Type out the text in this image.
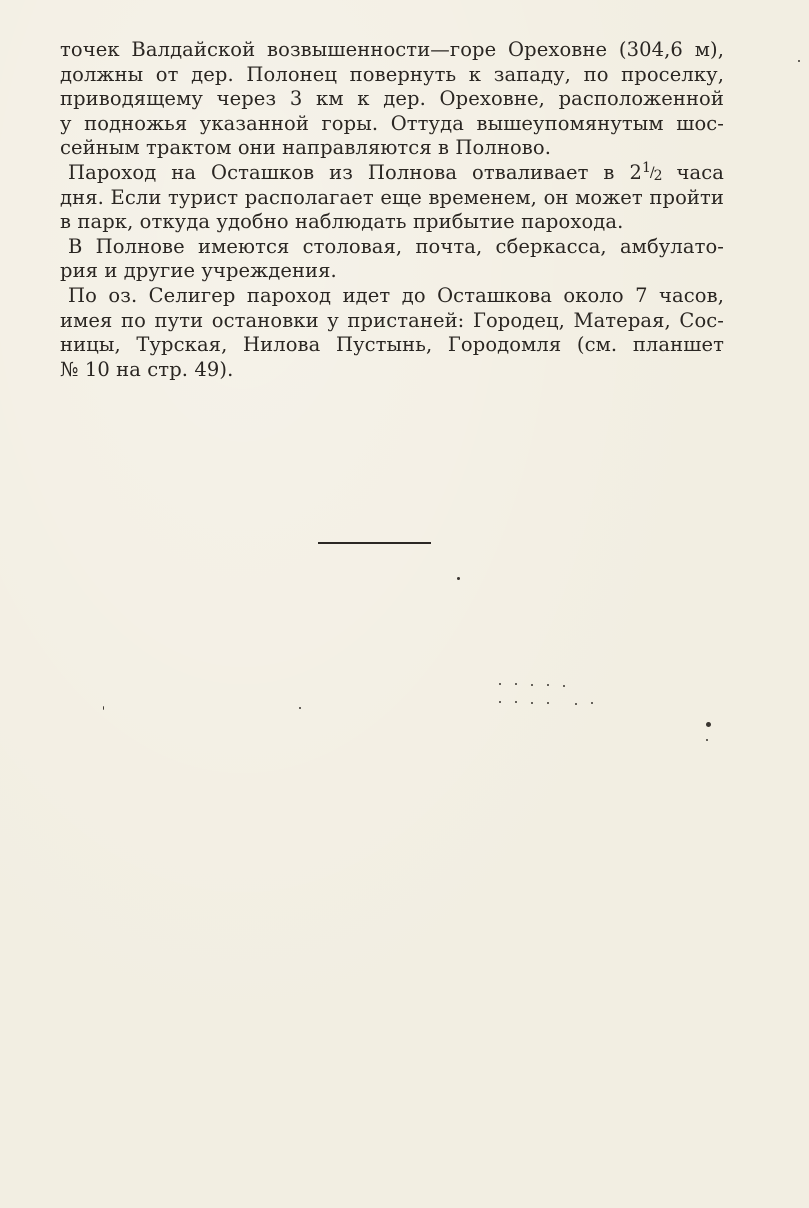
точек Валдайской возвышенности—горе Ореховне (304,6 м),
должны от дер. Полонец повернуть к западу, по проселку,
приводящему через 3 км к дер. Ореховне, расположенной
у подножья указанной горы. Оттуда вышеупомянутым шос-
сейным трактом они направляются в Полново.
Пароход на Осташков из Полнова отваливает в 21/2 часа
дня. Если турист располагает еще временем, он может пройти
в парк, откуда удобно наблюдать прибытие парохода.
В Полнове имеются столовая, почта, сберкасса, амбулато-
рия и другие учреждения.
По оз. Селигер пароход идет до Осташкова около 7 часов,
имея по пути остановки у пристаней: Городец, Матерая, Сос-
ницы, Турская, Нилова Пустынь, Городомля (см. планшет
№ 10 на стр. 49).
